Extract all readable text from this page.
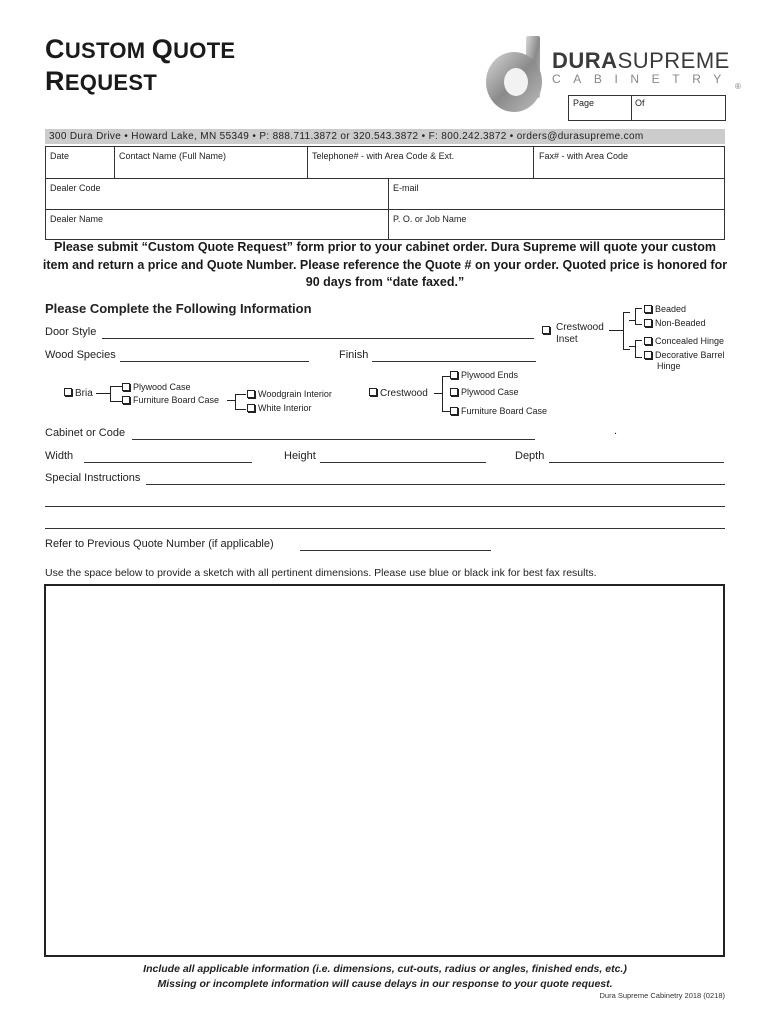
CUSTOM QUOTE
REQUEST
DURASUPREME
CABINETRY
®
Page	Of
300 Dura Drive • Howard Lake, MN 55349 • P: 888.711.3872 or 320.543.3872 • F: 800.242.3872 • orders@durasupreme.com
Date	Contact Name (Full Name)	Telephone# - with Area Code & Ext.	Fax# - with Area Code
Dealer Code	E-mail
Dealer Name	P. O. or Job Name
Please submit “Custom Quote Request” form prior to your cabinet order. Dura Supreme will quote your custom item and return a price and Quote Number. Please reference the Quote # on your order. Quoted price is honored for 90 days from “date faxed.”
Please Complete the Following Information
Door Style	Crestwood
Inset
Beaded
Non-Beaded
Concealed Hinge
Decorative Barrel
Hinge
Wood Species	Finish
Bria
Plywood Case
Furniture Board Case
Woodgrain Interior
White Interior
Crestwood
Plywood Ends
Plywood Case
Furniture Board Case
Cabinet or Code	.
Width	Height	Depth
Special Instructions
Refer to Previous Quote Number (if applicable)
Use the space below to provide a sketch with all pertinent dimensions. Please use blue or black ink for best fax results.
Include all applicable information (i.e. dimensions, cut-outs, radius or angles, finished ends, etc.)
Missing or incomplete information will cause delays in our response to your quote request.
Dura Supreme Cabinetry 2018 (0218)
